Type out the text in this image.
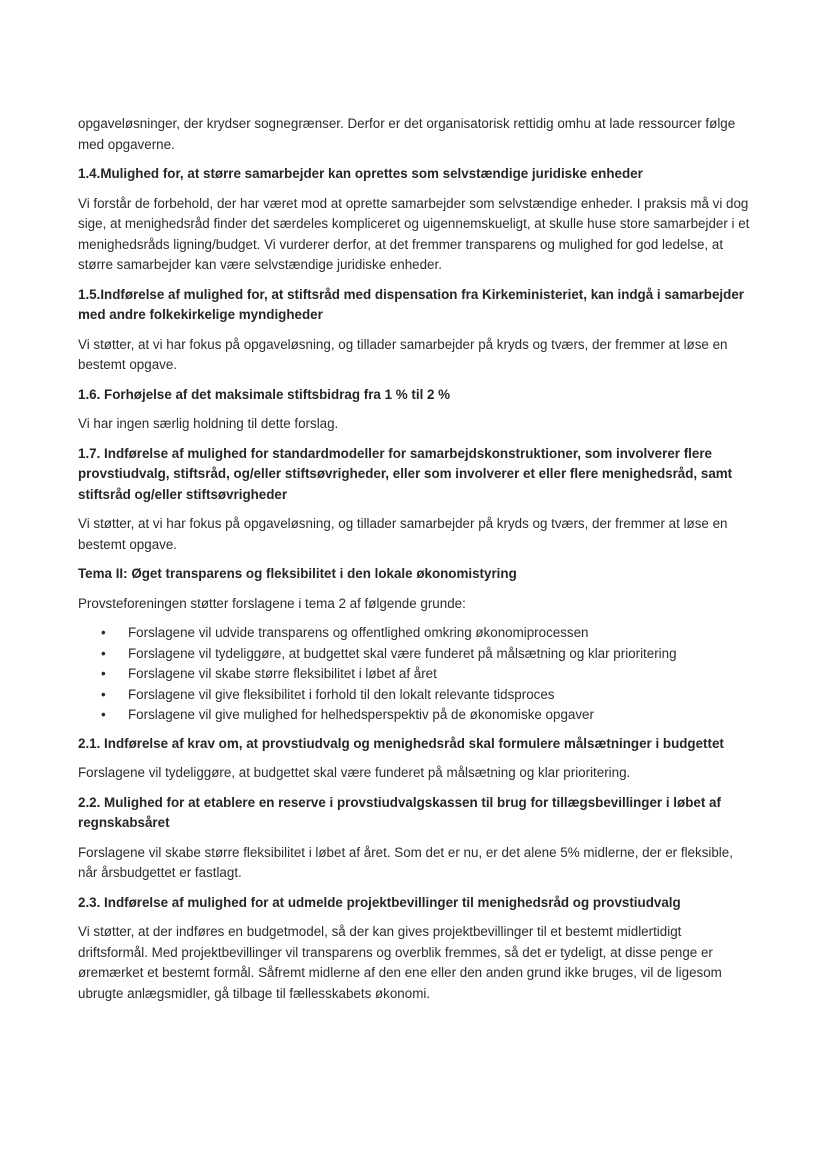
opgaveløsninger, der krydser sognegrænser. Derfor er det organisatorisk rettidig omhu at lade ressourcer følge med opgaverne.

1.4.Mulighed for, at større samarbejder kan oprettes som selvstændige juridiske enheder

Vi forstår de forbehold, der har været mod at oprette samarbejder som selvstændige enheder. I praksis må vi dog sige, at menighedsråd finder det særdeles kompliceret og uigennemskueligt, at skulle huse store samarbejder i et menighedsråds ligning/budget. Vi vurderer derfor, at det fremmer transparens og mulighed for god ledelse, at større samarbejder kan være selvstændige juridiske enheder.

1.5.Indførelse af mulighed for, at stiftsråd med dispensation fra Kirkeministeriet, kan indgå i samarbejder med andre folkekirkelige myndigheder

Vi støtter, at vi har fokus på opgaveløsning, og tillader samarbejder på kryds og tværs, der fremmer at løse en bestemt opgave.

1.6. Forhøjelse af det maksimale stiftsbidrag fra 1 % til 2 %

Vi har ingen særlig holdning til dette forslag.

1.7. Indførelse af mulighed for standardmodeller for samarbejdskonstruktioner, som involverer flere provstiudvalg, stiftsråd, og/eller stiftsøvrigheder, eller som involverer et eller flere menighedsråd, samt stiftsråd og/eller stiftsøvrigheder

Vi støtter, at vi har fokus på opgaveløsning, og tillader samarbejder på kryds og tværs, der fremmer at løse en bestemt opgave.

Tema II: Øget transparens og fleksibilitet i den lokale økonomistyring

Provsteforeningen støtter forslagene i tema 2 af følgende grunde:

• Forslagene vil udvide transparens og offentlighed omkring økonomiprocessen
• Forslagene vil tydeliggøre, at budgettet skal være funderet på målsætning og klar prioritering
• Forslagene vil skabe større fleksibilitet i løbet af året
• Forslagene vil give fleksibilitet i forhold til den lokalt relevante tidsproces
• Forslagene vil give mulighed for helhedsperspektiv på de økonomiske opgaver
2.1. Indførelse af krav om, at provstiudvalg og menighedsråd skal formulere målsætninger i budgettet

Forslagene vil tydeliggøre, at budgettet skal være funderet på målsætning og klar prioritering.

2.2. Mulighed for at etablere en reserve i provstiudvalgskassen til brug for tillægsbevillinger i løbet af regnskabsåret

Forslagene vil skabe større fleksibilitet i løbet af året. Som det er nu, er det alene 5% midlerne, der er fleksible, når årsbudgettet er fastlagt.

2.3. Indførelse af mulighed for at udmelde projektbevillinger til menighedsråd og provstiudvalg

Vi støtter, at der indføres en budgetmodel, så der kan gives projektbevillinger til et bestemt midlertidigt driftsformål. Med projektbevillinger vil transparens og overblik fremmes, så det er tydeligt, at disse penge er øremærket et bestemt formål. Såfremt midlerne af den ene eller den anden grund ikke bruges, vil de ligesom ubrugte anlægsmidler, gå tilbage til fællesskabets økonomi.
